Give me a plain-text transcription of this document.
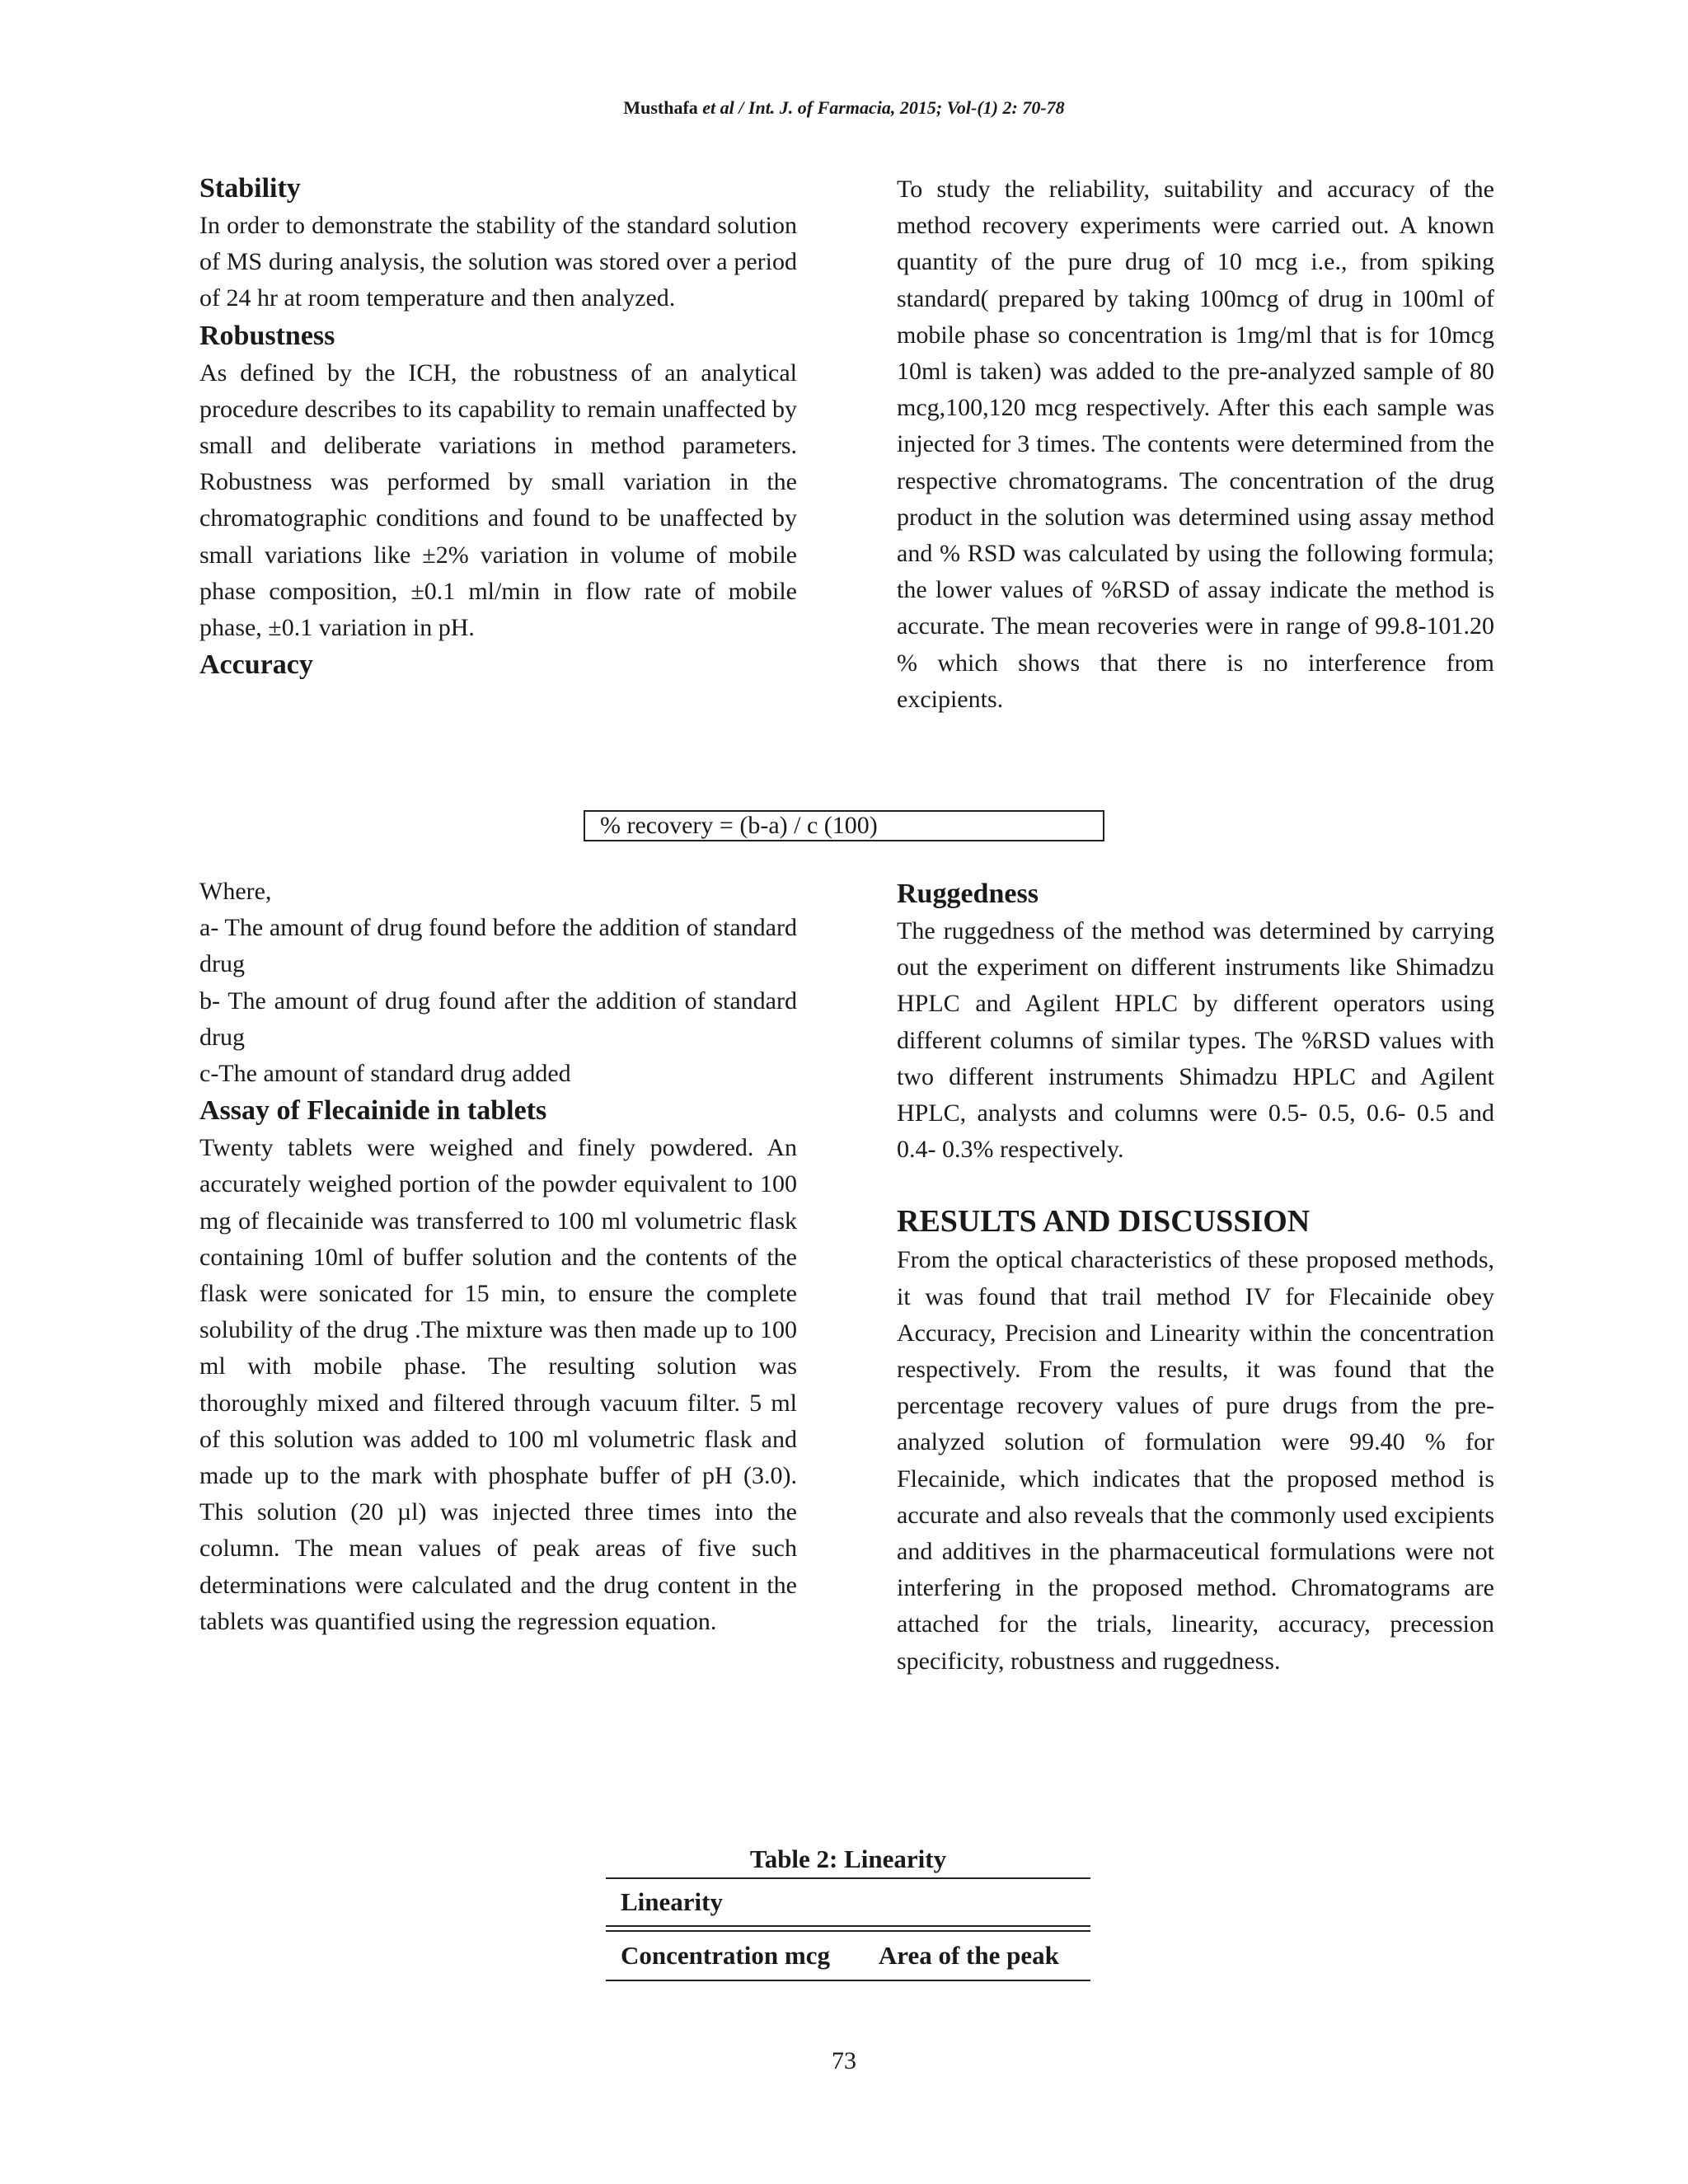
Musthafa et al / Int. J. of Farmacia, 2015; Vol-(1) 2: 70-78
Stability

In order to demonstrate the stability of the standard solution of MS during analysis, the solution was stored over a period of 24 hr at room temperature and then analyzed.

Robustness

As defined by the ICH, the robustness of an analytical procedure describes to its capability to remain unaffected by small and deliberate variations in method parameters. Robustness was performed by small variation in the chromatographic conditions and found to be unaffected by small variations like ±2% variation in volume of mobile phase composition, ±0.1 ml/min in flow rate of mobile phase, ±0.1 variation in pH.

Accuracy

To study the reliability, suitability and accuracy of the method recovery experiments were carried out. A known quantity of the pure drug of 10 mcg i.e., from spiking standard( prepared by taking 100mcg of drug in 100ml of mobile phase so concentration is 1mg/ml that is for 10mcg 10ml is taken) was added to the pre-analyzed sample of 80 mcg,100,120 mcg respectively. After this each sample was injected for 3 times. The contents were determined from the respective chromatograms. The concentration of the drug product in the solution was determined using assay method and % RSD was calculated by using the following formula; the lower values of %RSD of assay indicate the method is accurate. The mean recoveries were in range of 99.8-101.20 % which shows that there is no interference from excipients.

% recovery = (b-a) / c (100)

Where,

a- The amount of drug found before the addition of standard drug

b- The amount of drug found after the addition of standard drug

c-The amount of standard drug added

Assay of Flecainide in tablets

Twenty tablets were weighed and finely powdered. An accurately weighed portion of the powder equivalent to 100 mg of flecainide was transferred to 100 ml volumetric flask containing 10ml of buffer solution and the contents of the flask were sonicated for 15 min, to ensure the complete solubility of the drug .The mixture was then made up to 100 ml with mobile phase. The resulting solution was thoroughly mixed and filtered through vacuum filter. 5 ml of this solution was added to 100 ml volumetric flask and made up to the mark with phosphate buffer of pH (3.0). This solution (20 µl) was injected three times into the column. The mean values of peak areas of five such determinations were calculated and the drug content in the tablets was quantified using the regression equation.

Ruggedness

The ruggedness of the method was determined by carrying out the experiment on different instruments like Shimadzu HPLC and Agilent HPLC by different operators using different columns of similar types. The %RSD values with two different instruments Shimadzu HPLC and Agilent HPLC, analysts and columns were 0.5- 0.5, 0.6- 0.5 and 0.4- 0.3% respectively.

RESULTS AND DISCUSSION

From the optical characteristics of these proposed methods, it was found that trail method IV for Flecainide obey Accuracy, Precision and Linearity within the concentration respectively. From the results, it was found that the percentage recovery values of pure drugs from the pre-analyzed solution of formulation were 99.40 % for Flecainide, which indicates that the proposed method is accurate and also reveals that the commonly used excipients and additives in the pharmaceutical formulations were not interfering in the proposed method. Chromatograms are attached for the trials, linearity, accuracy, precession specificity, robustness and ruggedness.

Table 2: Linearity
Linearity

Concentration mcg	Area of the peak
73
